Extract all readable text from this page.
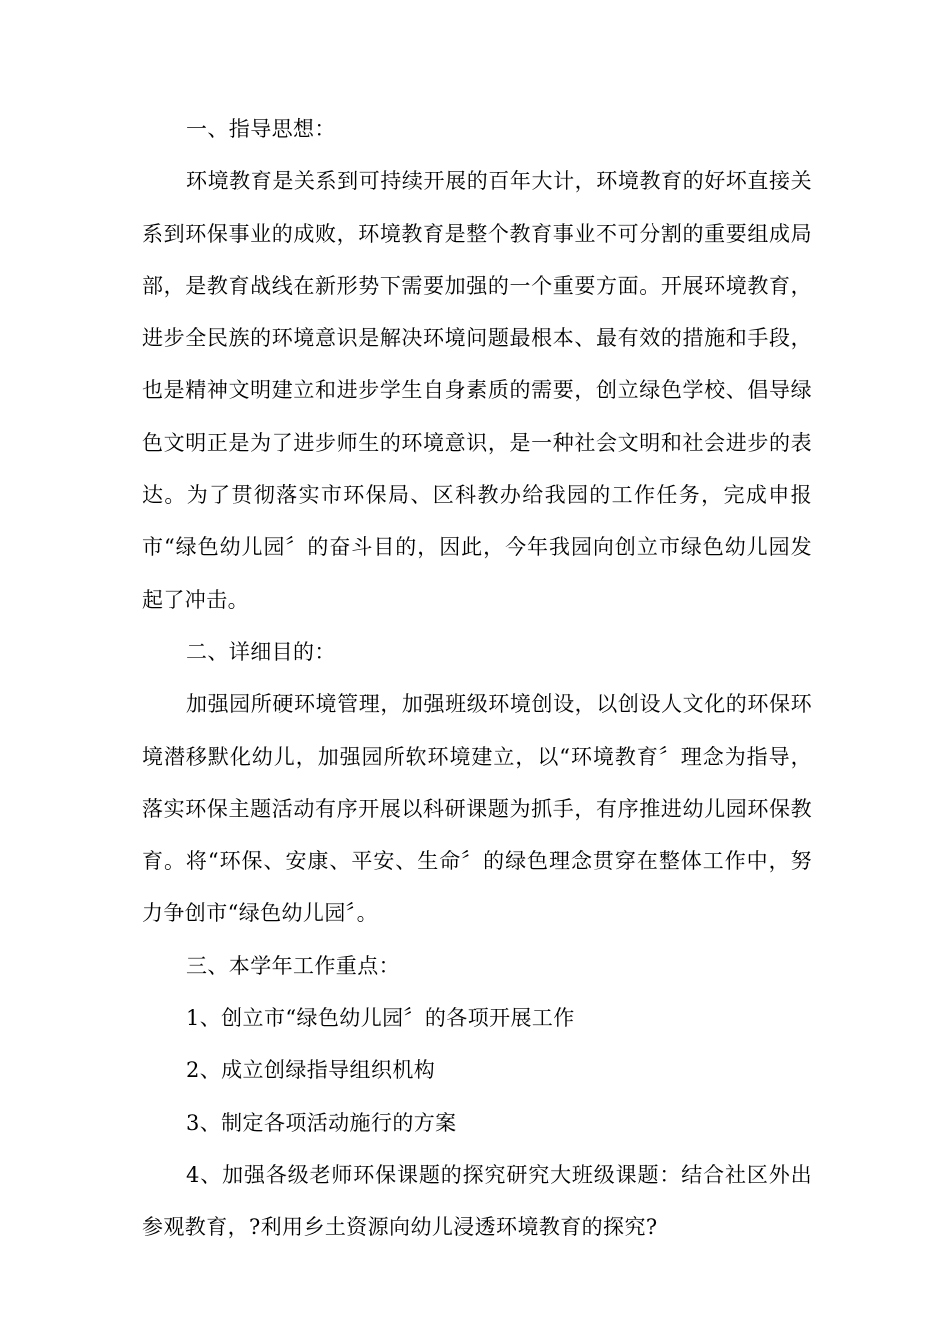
一、指导思想：

环境教育是关系到可持续开展的百年大计，环境教育的好坏直接关系到环保事业的成败，环境教育是整个教育事业不可分割的重要组成局部，是教育战线在新形势下需要加强的一个重要方面。开展环境教育，进步全民族的环境意识是解决环境问题最根本、最有效的措施和手段，也是精神文明建立和进步学生自身素质的需要，创立绿色学校、倡导绿色文明正是为了进步师生的环境意识，是一种社会文明和社会进步的表达。为了贯彻落实市环保局、区科教办给我园的工作任务，完成申报市“绿色幼儿园〞的奋斗目的，因此，今年我园向创立市绿色幼儿园发起了冲击。

二、详细目的：

加强园所硬环境管理，加强班级环境创设，以创设人文化的环保环境潜移默化幼儿，加强园所软环境建立，以“环境教育〞理念为指导，落实环保主题活动有序开展以科研课题为抓手，有序推进幼儿园环保教育。将“环保、安康、平安、生命〞的绿色理念贯穿在整体工作中，努力争创市“绿色幼儿园〞。

三、本学年工作重点：

1、创立市“绿色幼儿园〞的各项开展工作

2、成立创绿指导组织机构

3、制定各项活动施行的方案

4、加强各级老师环保课题的探究研究大班级课题：结合社区外出参观教育，?利用乡土资源向幼儿浸透环境教育的探究?
